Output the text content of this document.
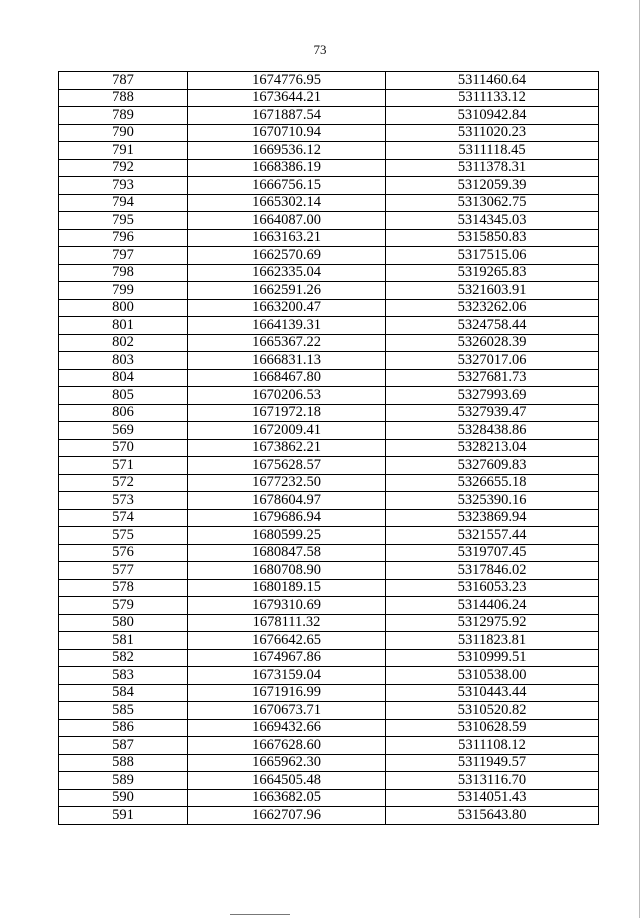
73
787	1674776.95	5311460.64
788	1673644.21	5311133.12
789	1671887.54	5310942.84
790	1670710.94	5311020.23
791	1669536.12	5311118.45
792	1668386.19	5311378.31
793	1666756.15	5312059.39
794	1665302.14	5313062.75
795	1664087.00	5314345.03
796	1663163.21	5315850.83
797	1662570.69	5317515.06
798	1662335.04	5319265.83
799	1662591.26	5321603.91
800	1663200.47	5323262.06
801	1664139.31	5324758.44
802	1665367.22	5326028.39
803	1666831.13	5327017.06
804	1668467.80	5327681.73
805	1670206.53	5327993.69
806	1671972.18	5327939.47
569	1672009.41	5328438.86
570	1673862.21	5328213.04
571	1675628.57	5327609.83
572	1677232.50	5326655.18
573	1678604.97	5325390.16
574	1679686.94	5323869.94
575	1680599.25	5321557.44
576	1680847.58	5319707.45
577	1680708.90	5317846.02
578	1680189.15	5316053.23
579	1679310.69	5314406.24
580	1678111.32	5312975.92
581	1676642.65	5311823.81
582	1674967.86	5310999.51
583	1673159.04	5310538.00
584	1671916.99	5310443.44
585	1670673.71	5310520.82
586	1669432.66	5310628.59
587	1667628.60	5311108.12
588	1665962.30	5311949.57
589	1664505.48	5313116.70
590	1663682.05	5314051.43
591	1662707.96	5315643.80
